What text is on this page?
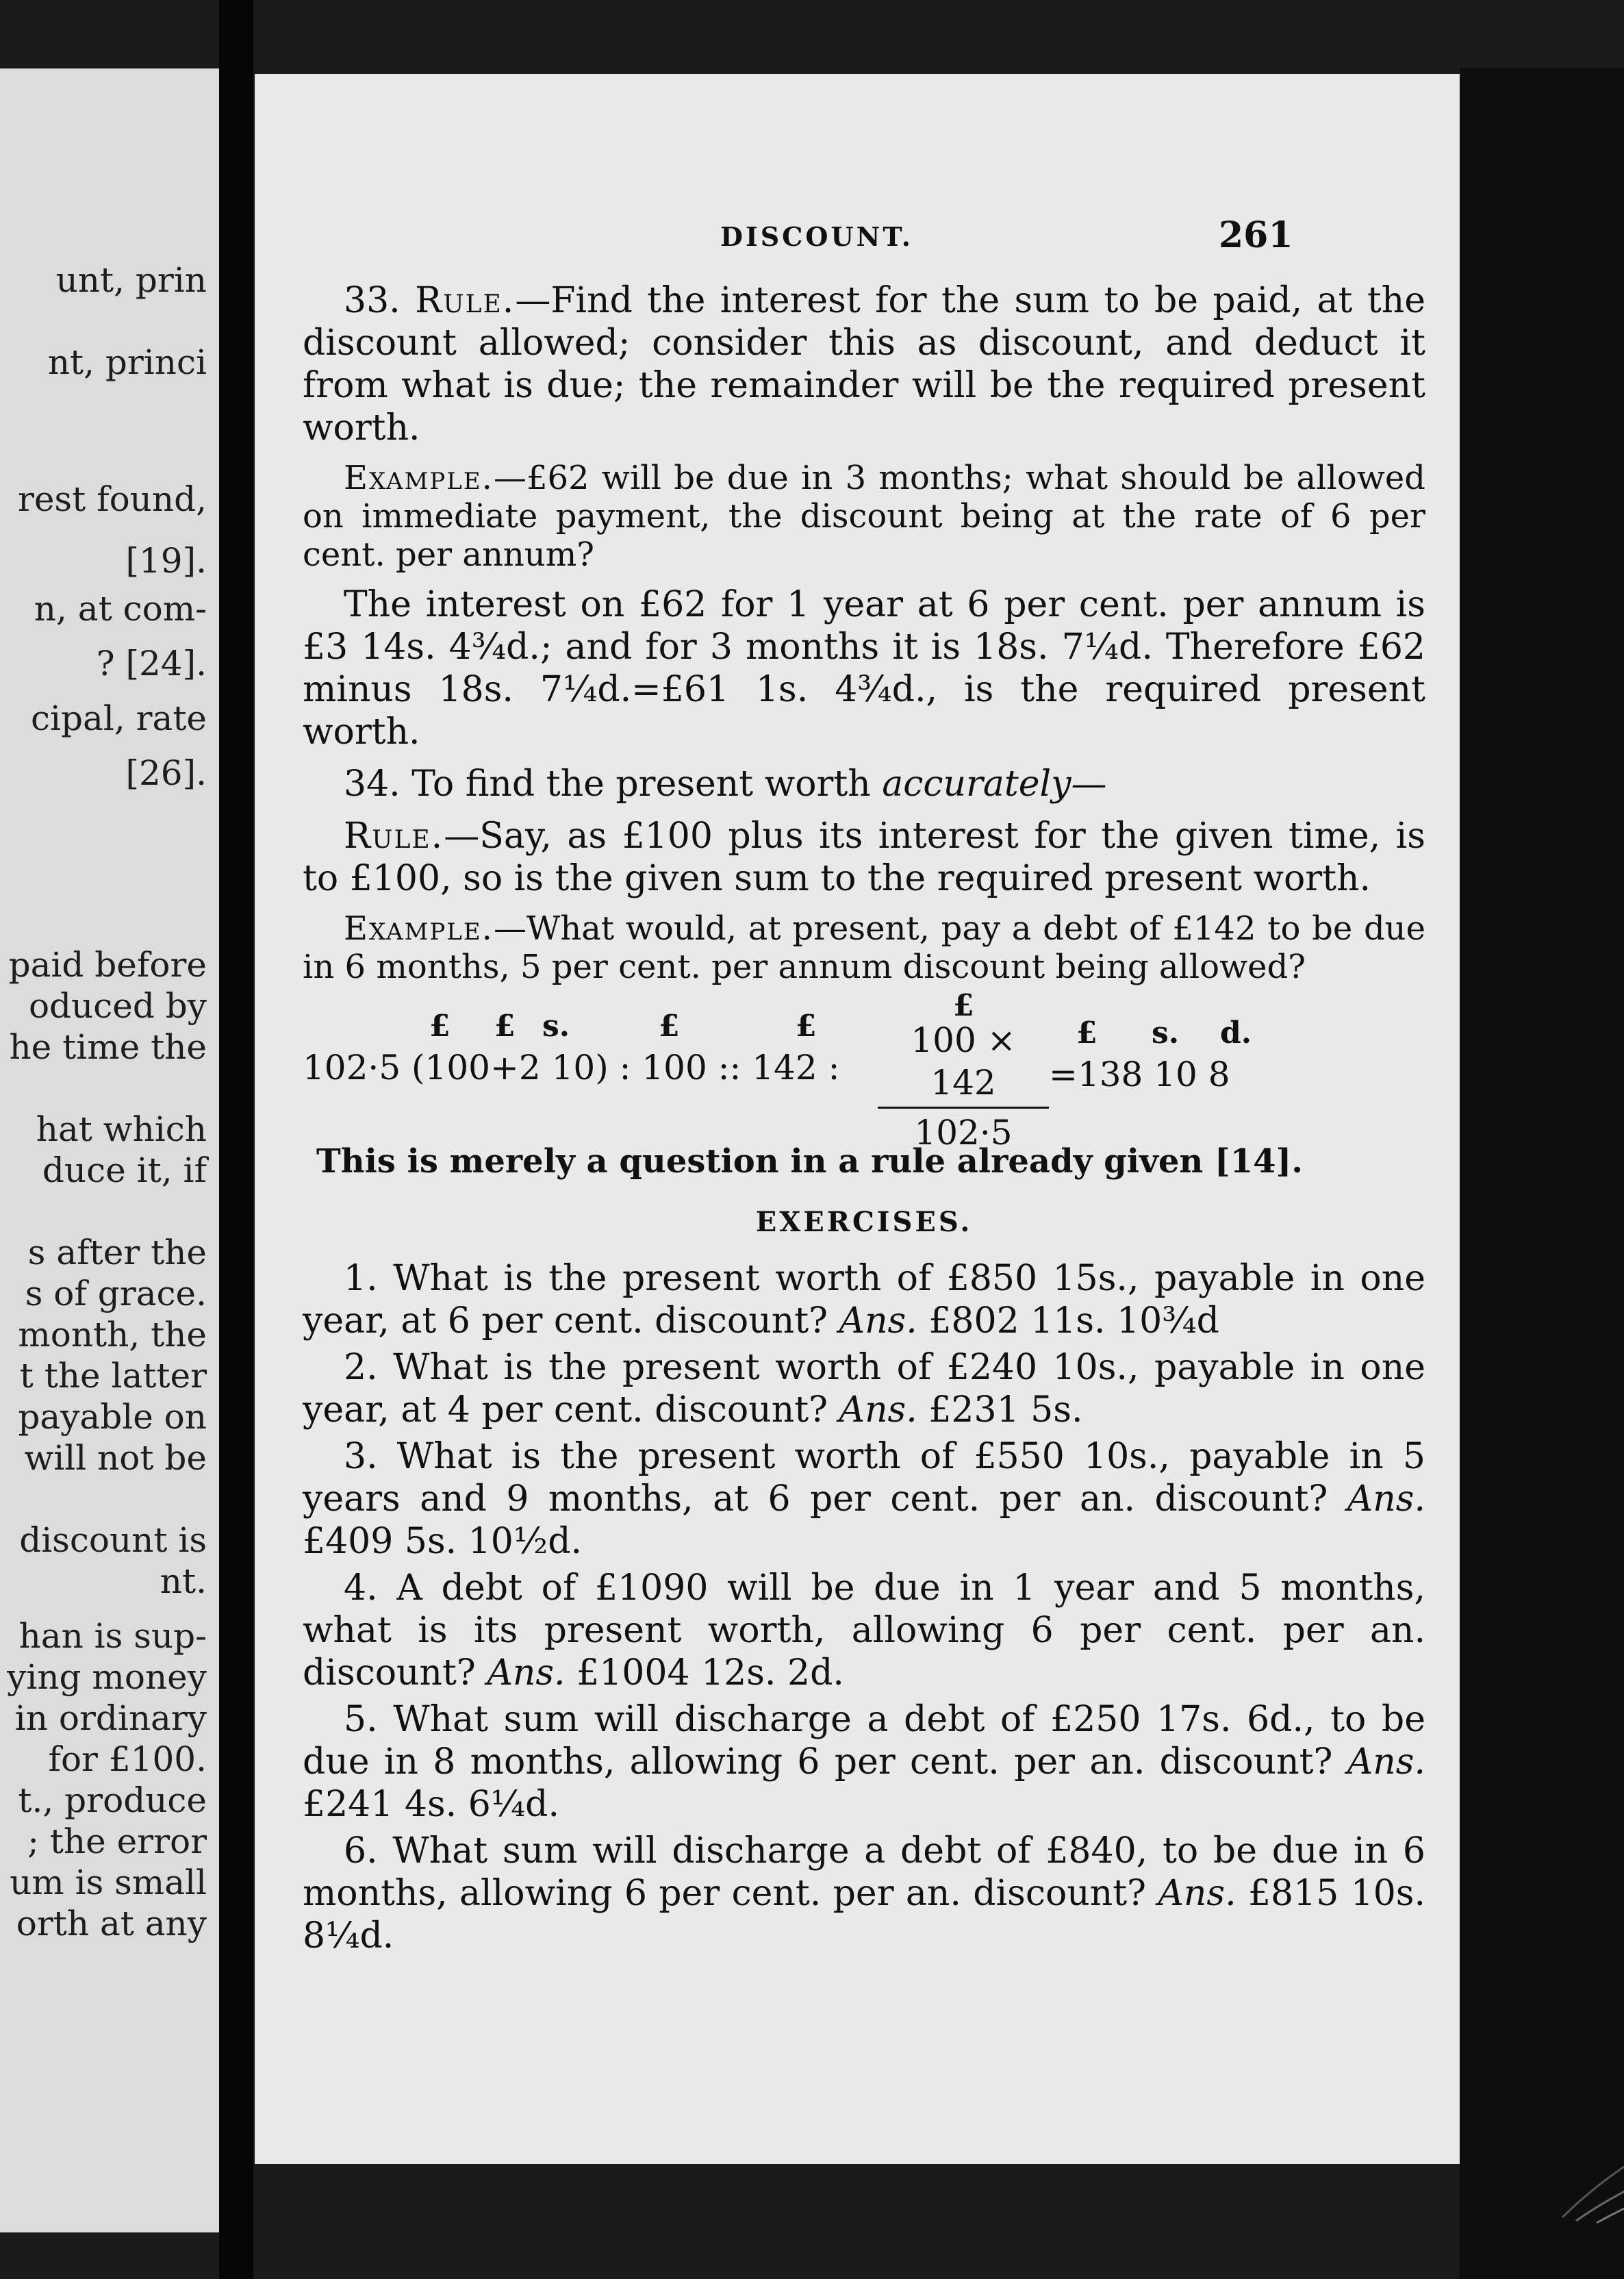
unt, prin
nt, princi
rest found,
[19].
n, at com-
? [24].
cipal, rate
[26].
paid before
oduced by
he time the
hat which
duce it, if
s after the
s of grace.
month, the
t the latter
payable on
will not be
discount is
nt.
han is sup-
ying money
in ordinary
for £100.
t., produce
; the error
um is small
orth at any
DISCOUNT.	261

33. Rule.—Find the interest for the sum to be paid, at the discount allowed; consider this as discount, and deduct it from what is due; the remainder will be the required present worth.

Example.—£62 will be due in 3 months; what should be allowed on immediate payment, the discount being at the rate of 6 per cent. per annum?

The interest on £62 for 1 year at 6 per cent. per annum is £3 14s. 4¾d.; and for 3 months it is 18s. 7¼d. Therefore £62 minus 18s. 7¼d.=£61 1s. 4¾d., is the required present worth.

34. To find the present worth accurately—

Rule.—Say, as £100 plus its interest for the given time, is to £100, so is the given sum to the required present worth.

Example.—What would, at present, pay a debt of £142 to be due in 6 months, 5 per cent. per annum discount being allowed?

£ £ s.	£	£
£
102·5 (100+2 10) : 100 :: 142 : $\frac{100 \times 142}{102\cdot 5}$ £ s. d.
=138 10 8

This is merely a question in a rule already given [14].

EXERCISES.

1. What is the present worth of £850 15s., payable in one year, at 6 per cent. discount? Ans. £802 11s. 10¾d

2. What is the present worth of £240 10s., payable in one year, at 4 per cent. discount? Ans. £231 5s.

3. What is the present worth of £550 10s., payable in 5 years and 9 months, at 6 per cent. per an. discount? Ans. £409 5s. 10½d.

4. A debt of £1090 will be due in 1 year and 5 months, what is its present worth, allowing 6 per cent. per an. discount? Ans. £1004 12s. 2d.

5. What sum will discharge a debt of £250 17s. 6d., to be due in 8 months, allowing 6 per cent. per an. discount? Ans. £241 4s. 6¼d.

6. What sum will discharge a debt of £840, to be due in 6 months, allowing 6 per cent. per an. discount? Ans. £815 10s. 8¼d.
